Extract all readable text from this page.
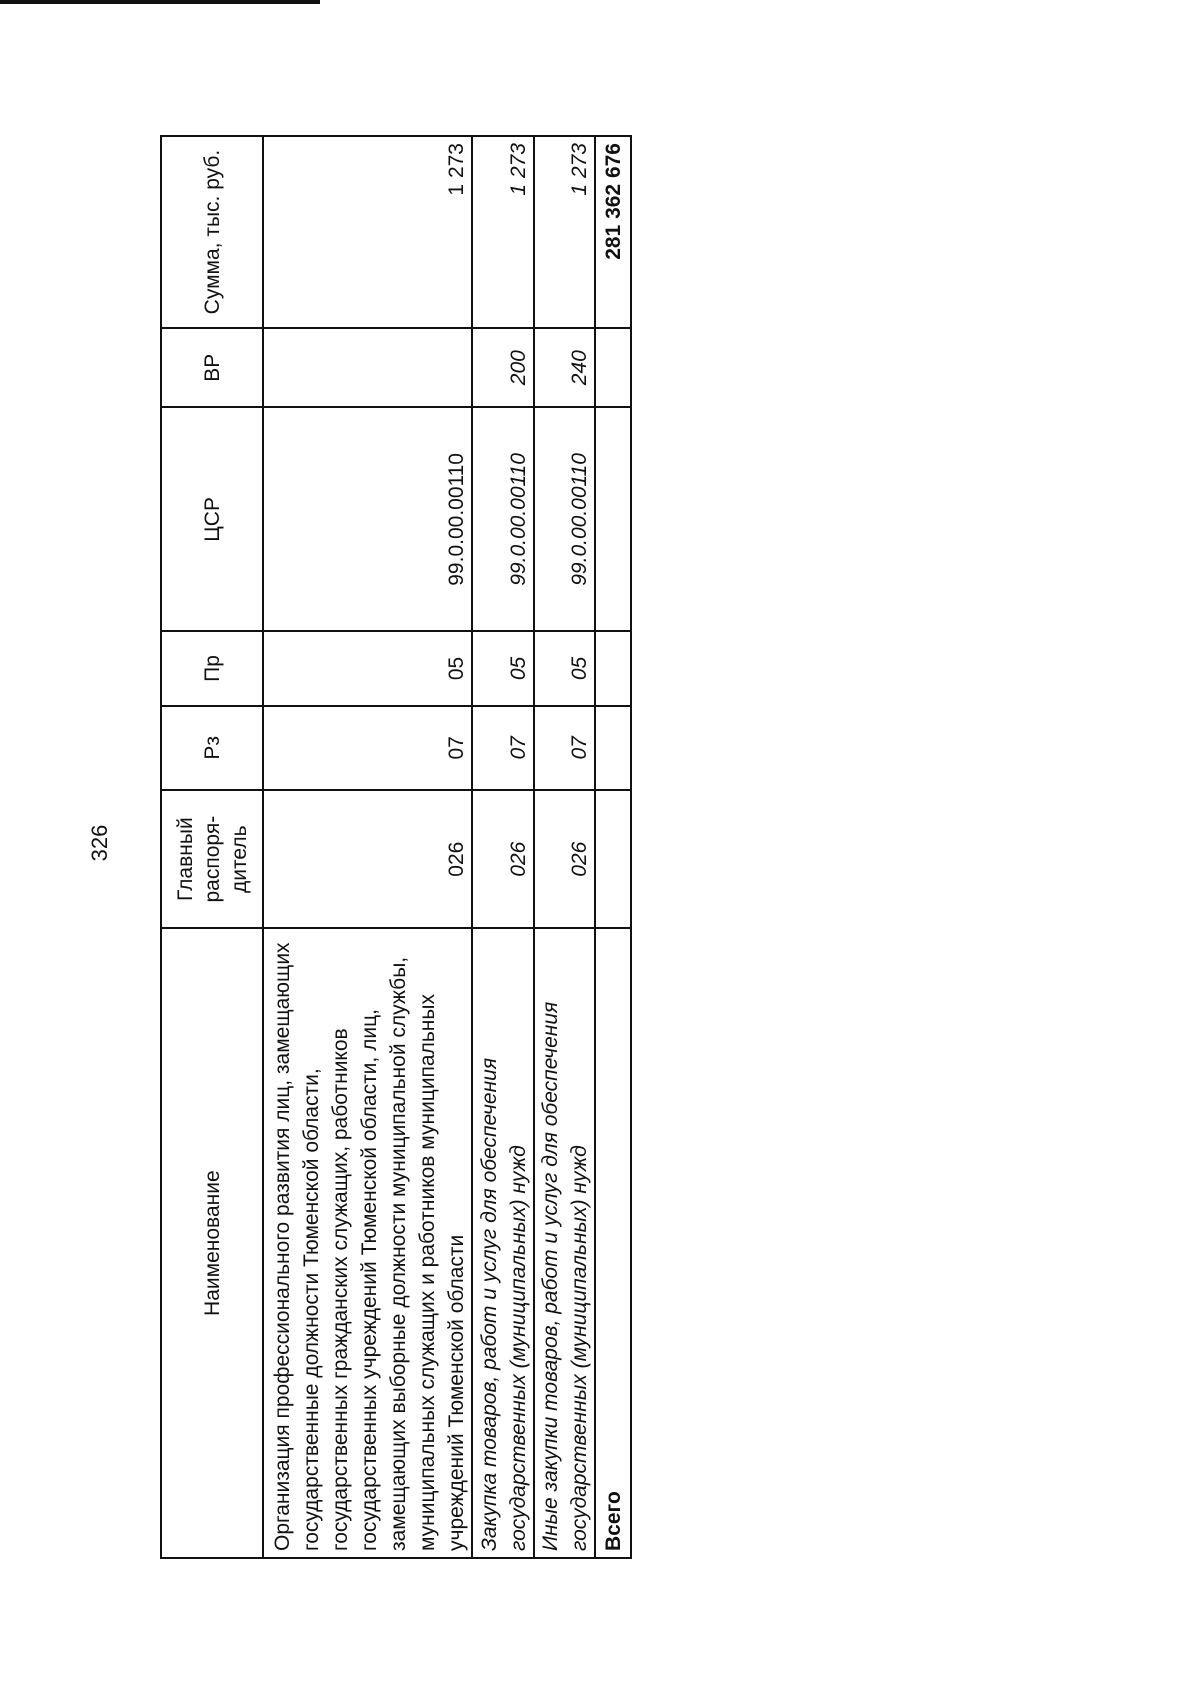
326
Наименование	Главный распоря-дитель	Рз	Пр	ЦСР	ВР	Сумма, тыс. руб.
Организация профессионального развития лиц, замещающих государственные должности Тюменской области, государственных гражданских служащих, работников государственных учреждений Тюменской области, лиц, замещающих выборные должности муниципальной службы, муниципальных служащих и работников муниципальных учреждений Тюменской области	026	07	05	99.0.00.00110		1 273
Закупка товаров, работ и услуг для обеспечения государственных (муниципальных) нужд	026	07	05	99.0.00.00110	200	1 273
Иные закупки товаров, работ и услуг для обеспечения государственных (муниципальных) нужд	026	07	05	99.0.00.00110	240	1 273
Всего						281 362 676
